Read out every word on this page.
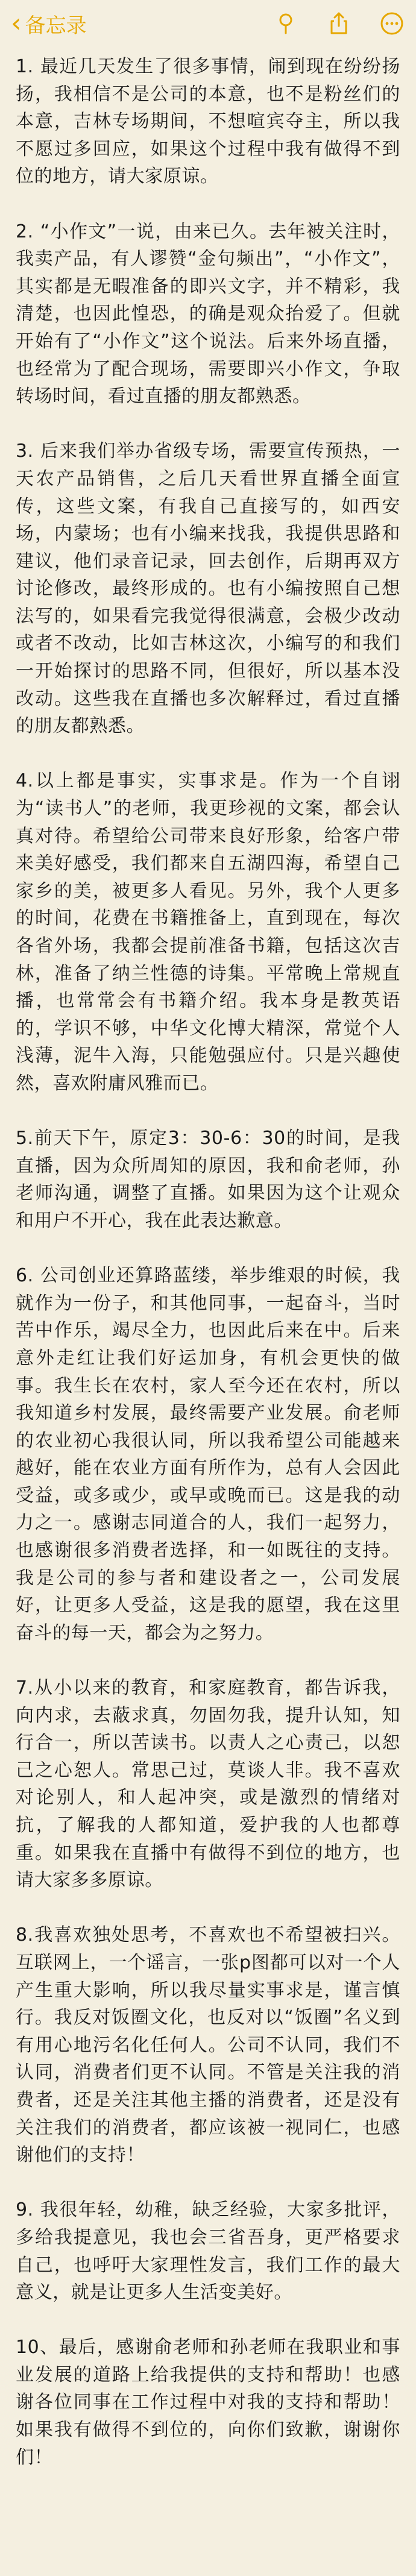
‹ 备忘录

1. 最近几天发生了很多事情，闹到现在纷纷扬扬，我相信不是公司的本意，也不是粉丝们的本意，吉林专场期间，不想喧宾夺主，所以我不愿过多回应，如果这个过程中我有做得不到位的地方，请大家原谅。

2. “小作文”一说，由来已久。去年被关注时，我卖产品，有人谬赞“金句频出”，“小作文”，其实都是无暇准备的即兴文字，并不精彩，我清楚，也因此惶恐，的确是观众抬爱了。但就开始有了“小作文”这个说法。后来外场直播，也经常为了配合现场，需要即兴小作文，争取转场时间，看过直播的朋友都熟悉。

3. 后来我们举办省级专场，需要宣传预热，一天农产品销售，之后几天看世界直播全面宣传，这些文案，有我自己直接写的，如西安场，内蒙场；也有小编来找我，我提供思路和建议，他们录音记录，回去创作，后期再双方讨论修改，最终形成的。也有小编按照自己想法写的，如果看完我觉得很满意，会极少改动或者不改动，比如吉林这次，小编写的和我们一开始探讨的思路不同，但很好，所以基本没改动。这些我在直播也多次解释过，看过直播的朋友都熟悉。

4.以上都是事实，实事求是。作为一个自诩为“读书人”的老师，我更珍视的文案，都会认真对待。希望给公司带来良好形象，给客户带来美好感受，我们都来自五湖四海，希望自己家乡的美，被更多人看见。另外，我个人更多的时间，花费在书籍推备上，直到现在，每次各省外场，我都会提前准备书籍，包括这次吉林，准备了纳兰性德的诗集。平常晚上常规直播，也常常会有书籍介绍。我本身是教英语的，学识不够，中华文化博大精深，常觉个人浅薄，泥牛入海，只能勉强应付。只是兴趣使然，喜欢附庸风雅而已。

5.前天下午，原定3：30-6：30的时间，是我直播，因为众所周知的原因，我和俞老师，孙老师沟通，调整了直播。如果因为这个让观众和用户不开心，我在此表达歉意。

6. 公司创业还算路蓝缕，举步维艰的时候，我就作为一份子，和其他同事，一起奋斗，当时苦中作乐，竭尽全力，也因此后来在中。后来意外走红让我们好运加身，有机会更快的做事。我生长在农村，家人至今还在农村，所以我知道乡村发展，最终需要产业发展。俞老师的农业初心我很认同，所以我希望公司能越来越好，能在农业方面有所作为，总有人会因此受益，或多或少，或早或晚而已。这是我的动力之一。感谢志同道合的人，我们一起努力，也感谢很多消费者选择，和一如既往的支持。我是公司的参与者和建设者之一，公司发展好，让更多人受益，这是我的愿望，我在这里奋斗的每一天，都会为之努力。

7.从小以来的教育，和家庭教育，都告诉我，向内求，去蔽求真，勿固勿我，提升认知，知行合一，所以苦读书。以责人之心责己，以恕己之心恕人。常思己过，莫谈人非。我不喜欢对论别人，和人起冲突，或是激烈的情绪对抗，了解我的人都知道，爱护我的人也都尊重。如果我在直播中有做得不到位的地方，也请大家多多原谅。

8.我喜欢独处思考，不喜欢也不希望被扫兴。互联网上，一个谣言，一张p图都可以对一个人产生重大影响，所以我尽量实事求是，谨言慎行。我反对饭圈文化，也反对以“饭圈”名义到有用心地污名化任何人。公司不认同，我们不认同，消费者们更不认同。不管是关注我的消费者，还是关注其他主播的消费者，还是没有关注我们的消费者，都应该被一视同仁，也感谢他们的支持！

9. 我很年轻，幼稚，缺乏经验，大家多批评，多给我提意见，我也会三省吾身，更严格要求自己，也呼吁大家理性发言，我们工作的最大意义，就是让更多人生活变美好。

10、最后，感谢俞老师和孙老师在我职业和事业发展的道路上给我提供的支持和帮助！也感谢各位同事在工作过程中对我的支持和帮助！如果我有做得不到位的，向你们致歉，谢谢你们！
